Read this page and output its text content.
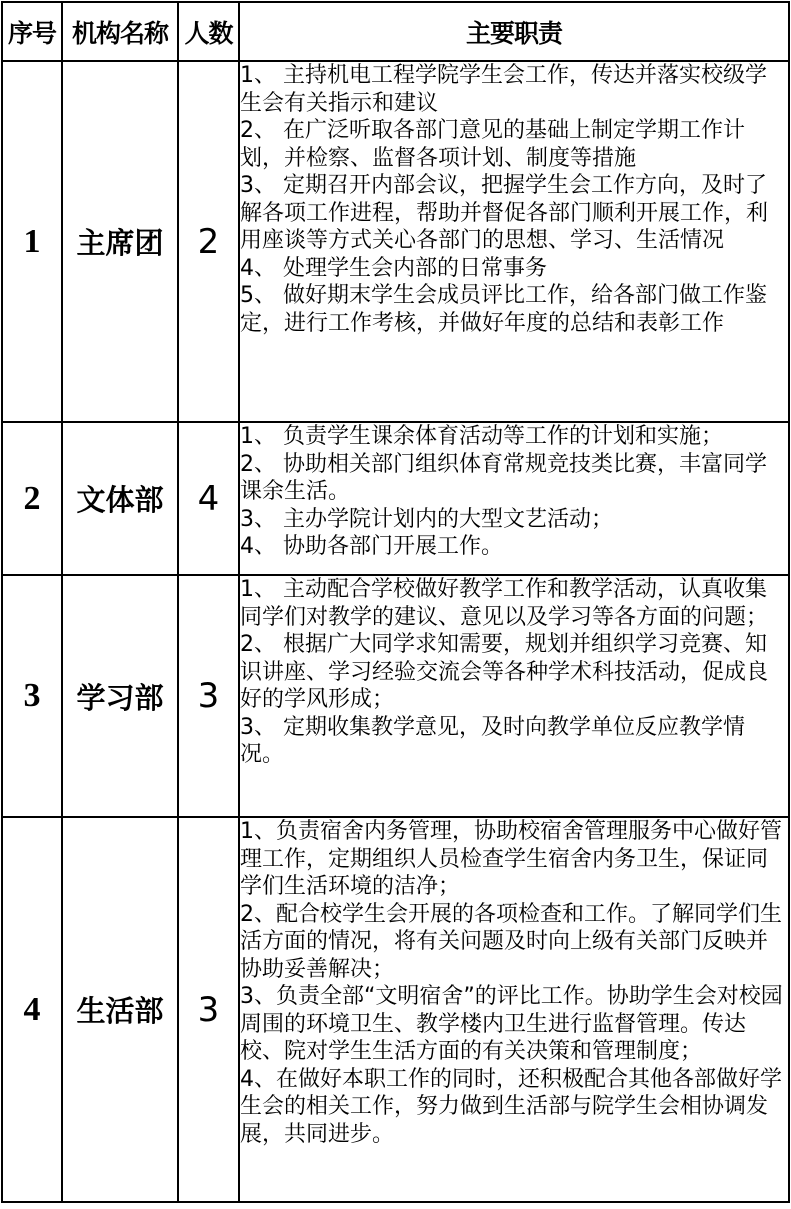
序号	机构名称	人数	主要职责
1	主席团	2	1、 主持机电工程学院学生会工作，传达并落实校级学生会有关指示和建议
2、 在广泛听取各部门意见的基础上制定学期工作计划，并检察、监督各项计划、制度等措施
3、 定期召开内部会议，把握学生会工作方向，及时了解各项工作进程，帮助并督促各部门顺利开展工作，利用座谈等方式关心各部门的思想、学习、生活情况
4、 处理学生会内部的日常事务
5、 做好期末学生会成员评比工作，给各部门做工作鉴定，进行工作考核，并做好年度的总结和表彰工作

2	文体部	4	1、 负责学生课余体育活动等工作的计划和实施；
2、 协助相关部门组织体育常规竞技类比赛，丰富同学课余生活。
3、 主办学院计划内的大型文艺活动；
4、 协助各部门开展工作。

3	学习部	3	1、 主动配合学校做好教学工作和教学活动，认真收集同学们对教学的建议、意见以及学习等各方面的问题；
2、 根据广大同学求知需要，规划并组织学习竞赛、知识讲座、学习经验交流会等各种学术科技活动，促成良好的学风形成；
3、 定期收集教学意见，及时向教学单位反应教学情况。

4	生活部	3	1、负责宿舍内务管理，协助校宿舍管理服务中心做好管理工作，定期组织人员检查学生宿舍内务卫生，保证同学们生活环境的洁净；
2、配合校学生会开展的各项检查和工作。了解同学们生活方面的情况，将有关问题及时向上级有关部门反映并协助妥善解决；
3、负责全部“文明宿舍”的评比工作。协助学生会对校园周围的环境卫生、教学楼内卫生进行监督管理。传达校、院对学生生活方面的有关决策和管理制度；
4、在做好本职工作的同时，还积极配合其他各部做好学生会的相关工作，努力做到生活部与院学生会相协调发展，共同进步。
